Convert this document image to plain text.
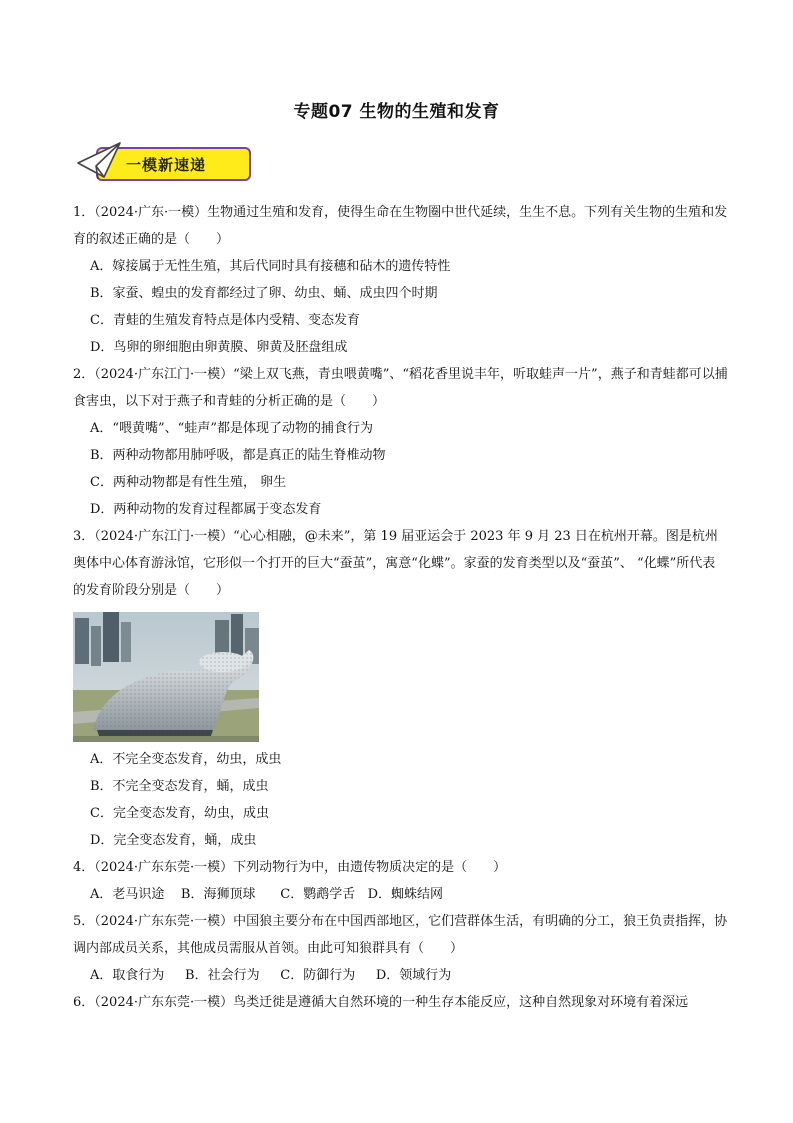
专题07 生物的生殖和发育
一模新速递

1．（2024·广东·一模）生物通过生殖和发育，使得生命在生物圈中世代延续，生生不息。下列有关生物的生殖和发育的叙述正确的是（　　）

A．嫁接属于无性生殖，其后代同时具有接穗和砧木的遗传特性

B．家蚕、蝗虫的发育都经过了卵、幼虫、蛹、成虫四个时期

C．青蛙的生殖发育特点是体内受精、变态发育

D．鸟卵的卵细胞由卵黄膜、卵黄及胚盘组成

2．（2024·广东江门·一模）“梁上双飞燕，青虫喂黄嘴”、“稻花香里说丰年，听取蛙声一片”，燕子和青蛙都可以捕食害虫，以下对于燕子和青蛙的分析正确的是（　　）

A．“喂黄嘴”、“蛙声”都是体现了动物的捕食行为

B．两种动物都用肺呼吸，都是真正的陆生脊椎动物

C．两种动物都是有性生殖， 卵生

D．两种动物的发育过程都属于变态发育

3．（2024·广东江门·一模）“心心相融，@未来”，第 19 届亚运会于 2023 年 9 月 23 日在杭州开幕。图是杭州奥体中心体育游泳馆，它形似一个打开的巨大“蚕茧”，寓意“化蝶”。家蚕的发育类型以及“蚕茧”、 “化蝶”所代表的发育阶段分别是（　　）

A．不完全变态发育，幼虫，成虫

B．不完全变态发育，蛹，成虫

C．完全变态发育，幼虫，成虫

D．完全变态发育，蛹，成虫

4．（2024·广东东莞·一模）下列动物行为中，由遗传物质决定的是（　　）

A．老马识途    B．海狮顶球      C．鹦鹉学舌   D．蜘蛛结网

5．（2024·广东东莞·一模）中国狼主要分布在中国西部地区，它们营群体生活，有明确的分工，狼王负责指挥，协调内部成员关系，其他成员需服从首领。由此可知狼群具有（　　）

A．取食行为     B．社会行为     C．防御行为     D．领域行为

6．（2024·广东东莞·一模）鸟类迁徙是遵循大自然环境的一种生存本能反应，这种自然现象对环境有着深远
